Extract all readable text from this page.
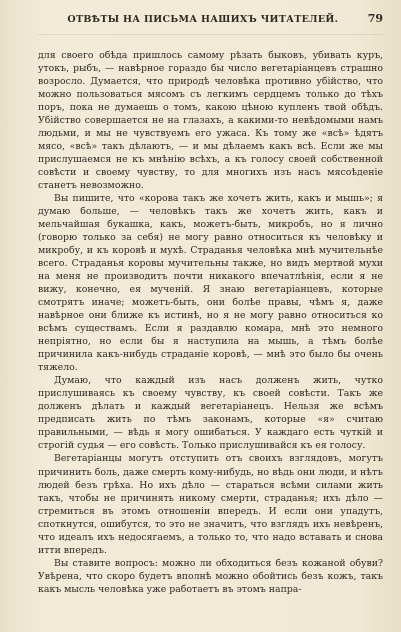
ОТВѢТЫ НА ПИСЬМА НАШИХЪ ЧИТАТЕЛЕЙ.	79

для своего обѣда пришлось самому рѣзать быковъ, убивать куръ, утокъ, рыбъ, — навѣрное гораздо бы число вегетаріанцевъ страшно возросло. Думается, что природѣ человѣка противно убійство, что можно пользоваться мясомъ съ легкимъ сердцемъ только до тѣхъ поръ, пока не думаешь о томъ, какою цѣною купленъ твой обѣдъ. Убійство совершается не на глазахъ, а какими-то невѣдомыми намъ людьми, и мы не чувствуемъ его ужаса. Къ тому же «всѣ» ѣдятъ мясо, «всѣ» такъ дѣлаютъ, — и мы дѣлаемъ какъ всѣ. Если же мы прислушаемся не къ мнѣнію всѣхъ, а къ голосу своей собственной совѣсти и своему чувству, то для многихъ изъ насъ мясоѣденіе станетъ невозможно.

Вы пишите, что «корова такъ же хочетъ жить, какъ и мышь»; я думаю больше, — человѣкъ такъ же хочетъ жить, какъ и мельчайшая букашка, какъ, можетъ-быть, микробъ, но я лично (говорю только за себя) не могу равно относиться къ человѣку и микробу, и къ коровѣ и мухѣ. Страданья человѣка мнѣ мучительнѣе всего. Страданья коровы мучительны также, но видъ мертвой мухи на меня не производитъ почти никакого впечатлѣнія, если я не вижу, конечно, ея мученій. Я знаю вегетаріанцевъ, которые смотрятъ иначе; можетъ-быть, они болѣе правы, чѣмъ я, даже навѣрное они ближе къ истинѣ, но я не могу равно относиться ко всѣмъ существамъ. Если я раздавлю комара, мнѣ это немного непріятно, но если бы я наступила на мышь, а тѣмъ болѣе причинила какъ-нибудь страданіе коровѣ, — мнѣ это было бы очень тяжело.

Думаю, что каждый изъ насъ долженъ жить, чутко прислушиваясь къ своему чувству, къ своей совѣсти. Такъ же долженъ дѣлать и каждый вегетаріанецъ. Нельзя же всѣмъ предписать жить по тѣмъ законамъ, которые «я» считаю правильными, — вѣдь я могу ошибаться. У каждаго есть чуткій и строгій судья — его совѣсть. Только прислушивайся къ ея голосу.

Вегетаріанцы могутъ отступить отъ своихъ взглядовъ, могутъ причинить боль, даже смерть кому-нибудь, но вѣдь они люди, и нѣтъ людей безъ грѣха. Но ихъ дѣло — стараться всѣми силами жить такъ, чтобы не причинять никому смерти, страданья; ихъ дѣло — стремиться въ этомъ отношеніи впередъ. И если они упадутъ, споткнутся, ошибутся, то это не значитъ, что взглядъ ихъ невѣренъ, что идеалъ ихъ недосягаемъ, а только то, что надо вставать и снова итти впередъ.

Вы ставите вопросъ: можно ли обходиться безъ кожаной обуви? Увѣрена, что скоро будетъ вполнѣ можно обойтись безъ кожъ, такъ какъ мысль человѣка уже работаетъ въ этомъ напра-
